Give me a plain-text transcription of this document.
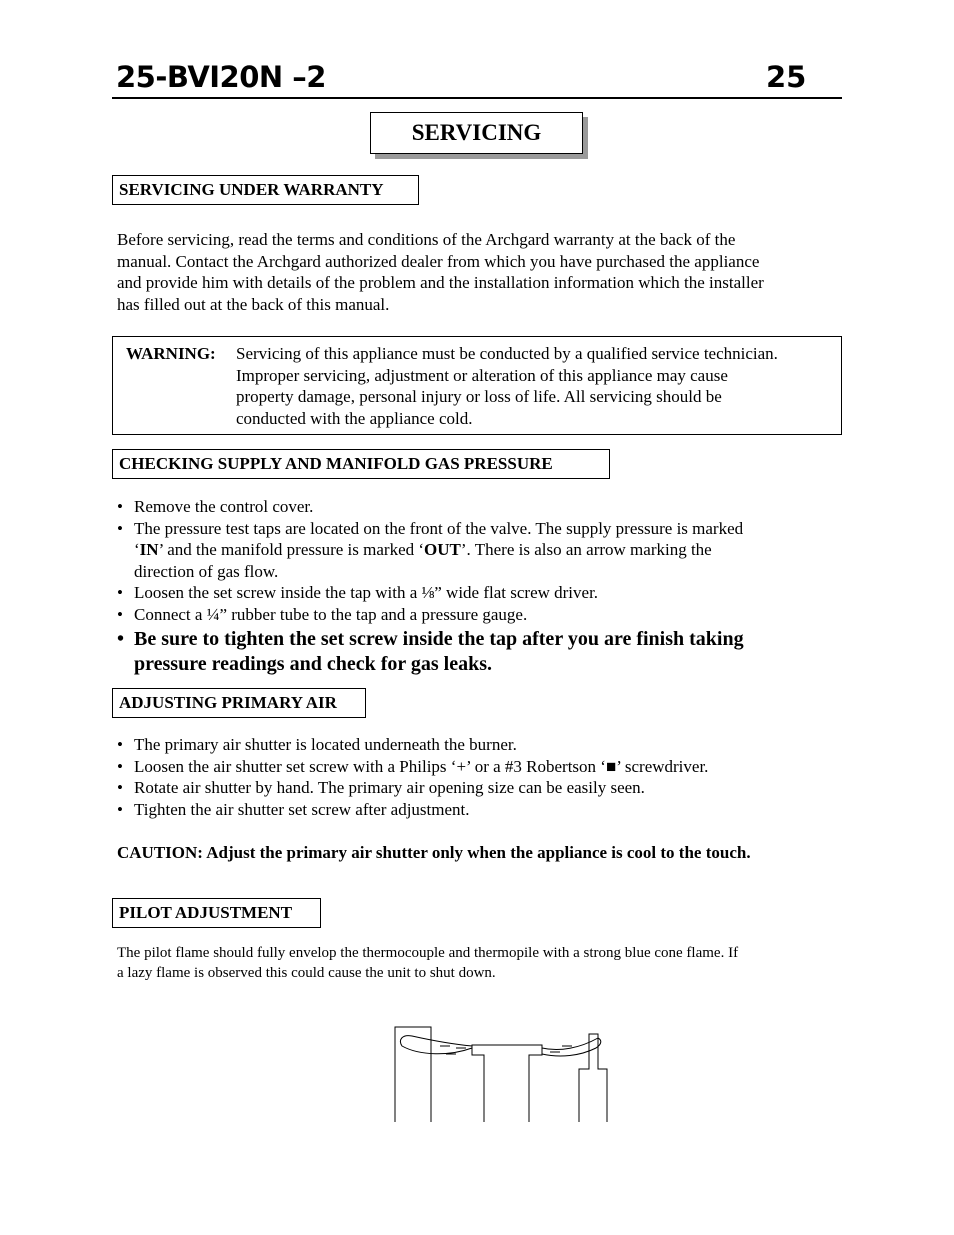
25-BVI20N –2	25
SERVICING
SERVICING UNDER WARRANTY
Before servicing, read the terms and conditions of the Archgard warranty at the back of the
manual. Contact the Archgard authorized dealer from which you have purchased the appliance
and provide him with details of the problem and the installation information which the installer
has filled out at the back of this manual.
WARNING: Servicing of this appliance must be conducted by a qualified service technician.
Improper servicing, adjustment or alteration of this appliance may cause
property damage, personal injury or loss of life. All servicing should be
conducted with the appliance cold.
CHECKING SUPPLY AND MANIFOLD GAS PRESSURE
• Remove the control cover.
• The pressure test taps are located on the front of the valve. The supply pressure is marked
‘IN’ and the manifold pressure is marked ‘OUT’. There is also an arrow marking the
direction of gas flow.
• Loosen the set screw inside the tap with a ⅛” wide flat screw driver.
• Connect a ¼” rubber tube to the tap and a pressure gauge.
• Be sure to tighten the set screw inside the tap after you are finish taking
pressure readings and check for gas leaks.
ADJUSTING PRIMARY AIR
• The primary air shutter is located underneath the burner.
• Loosen the air shutter set screw with a Philips ‘+’ or a #3 Robertson ‘■’ screwdriver.
• Rotate air shutter by hand. The primary air opening size can be easily seen.
• Tighten the air shutter set screw after adjustment.
CAUTION: Adjust the primary air shutter only when the appliance is cool to the touch.
PILOT ADJUSTMENT
The pilot flame should fully envelop the thermocouple and thermopile with a strong blue cone flame. If
a lazy flame is observed this could cause the unit to shut down.
